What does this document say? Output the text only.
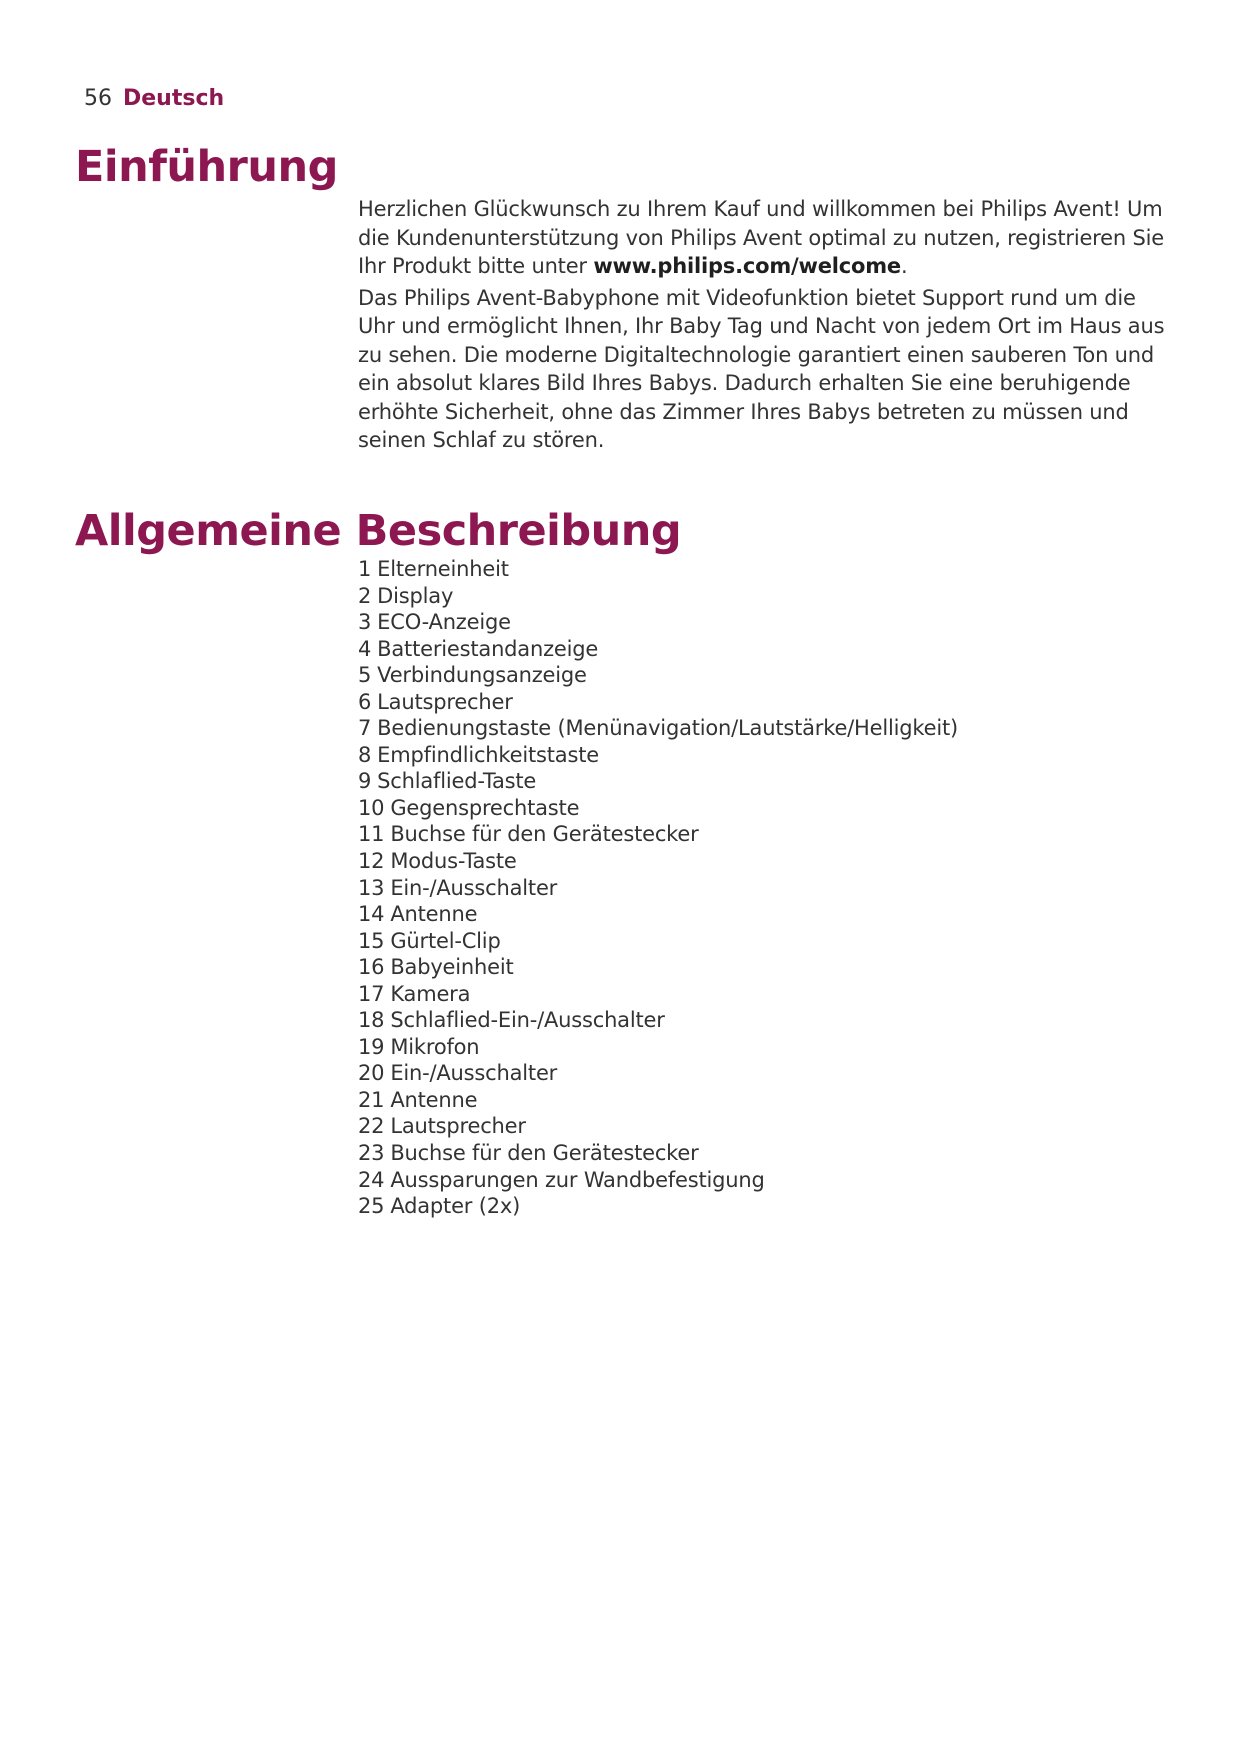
56 Deutsch
Einführung

Herzlichen Glückwunsch zu Ihrem Kauf und willkommen bei Philips Avent! Um die Kundenunterstützung von Philips Avent optimal zu nutzen, registrieren Sie Ihr Produkt bitte unter www.philips.com/welcome.

Das Philips Avent-Babyphone mit Videofunktion bietet Support rund um die Uhr und ermöglicht Ihnen, Ihr Baby Tag und Nacht von jedem Ort im Haus aus zu sehen. Die moderne Digitaltechnologie garantiert einen sauberen Ton und ein absolut klares Bild Ihres Babys. Dadurch erhalten Sie eine beruhigende erhöhte Sicherheit, ohne das Zimmer Ihres Babys betreten zu müssen und seinen Schlaf zu stören.

Allgemeine Beschreibung
1 Elterneinheit
2 Display
3 ECO-Anzeige
4 Batteriestandanzeige
5 Verbindungsanzeige
6 Lautsprecher
7 Bedienungstaste (Menünavigation/Lautstärke/Helligkeit)
8 Empfindlichkeitstaste
9 Schlaflied-Taste
10 Gegensprechtaste
11 Buchse für den Gerätestecker
12 Modus-Taste
13 Ein-/Ausschalter
14 Antenne
15 Gürtel-Clip
16 Babyeinheit
17 Kamera
18 Schlaflied-Ein-/Ausschalter
19 Mikrofon
20 Ein-/Ausschalter
21 Antenne
22 Lautsprecher
23 Buchse für den Gerätestecker
24 Aussparungen zur Wandbefestigung
25 Adapter (2x)
